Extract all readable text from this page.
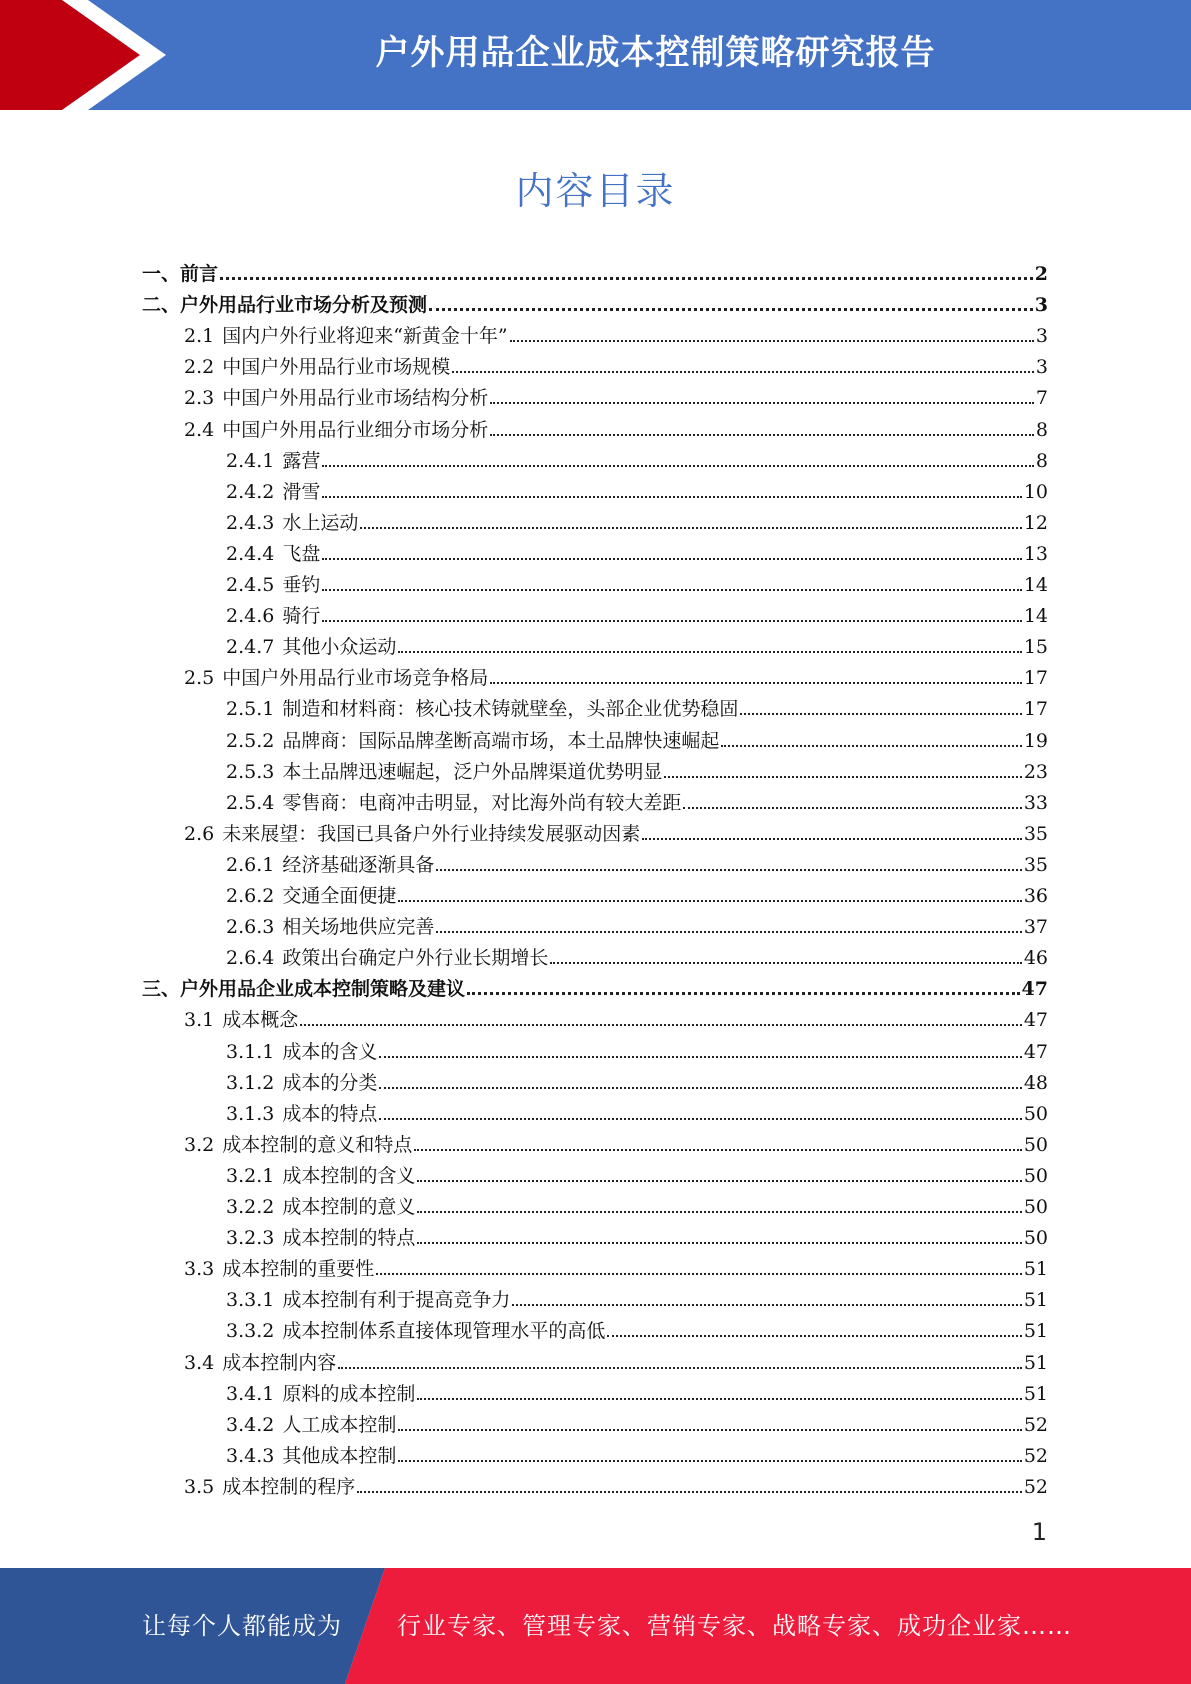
户外用品企业成本控制策略研究报告
内容目录
一、前言	2
二、户外用品行业市场分析及预测	3
2.1 国内户外行业将迎来“新黄金十年”	3
2.2 中国户外用品行业市场规模	3
2.3 中国户外用品行业市场结构分析	7
2.4 中国户外用品行业细分市场分析	8
2.4.1 露营	8
2.4.2 滑雪	10
2.4.3 水上运动	12
2.4.4 飞盘	13
2.4.5 垂钓	14
2.4.6 骑行	14
2.4.7 其他小众运动	15
2.5 中国户外用品行业市场竞争格局	17
2.5.1 制造和材料商：核心技术铸就壁垒，头部企业优势稳固	17
2.5.2 品牌商：国际品牌垄断高端市场，本土品牌快速崛起	19
2.5.3 本土品牌迅速崛起，泛户外品牌渠道优势明显	23
2.5.4 零售商：电商冲击明显，对比海外尚有较大差距	33
2.6 未来展望：我国已具备户外行业持续发展驱动因素	35
2.6.1 经济基础逐渐具备	35
2.6.2 交通全面便捷	36
2.6.3 相关场地供应完善	37
2.6.4 政策出台确定户外行业长期增长	46
三、户外用品企业成本控制策略及建议	47
3.1 成本概念	47
3.1.1 成本的含义	47
3.1.2 成本的分类	48
3.1.3 成本的特点	50
3.2 成本控制的意义和特点	50
3.2.1 成本控制的含义	50
3.2.2 成本控制的意义	50
3.2.3 成本控制的特点	50
3.3 成本控制的重要性	51
3.3.1 成本控制有利于提高竞争力	51
3.3.2 成本控制体系直接体现管理水平的高低	51
3.4 成本控制内容	51
3.4.1 原料的成本控制	51
3.4.2 人工成本控制	52
3.4.3 其他成本控制	52
3.5 成本控制的程序	52
1
让每个人都能成为 行业专家、管理专家、营销专家、战略专家、成功企业家……
